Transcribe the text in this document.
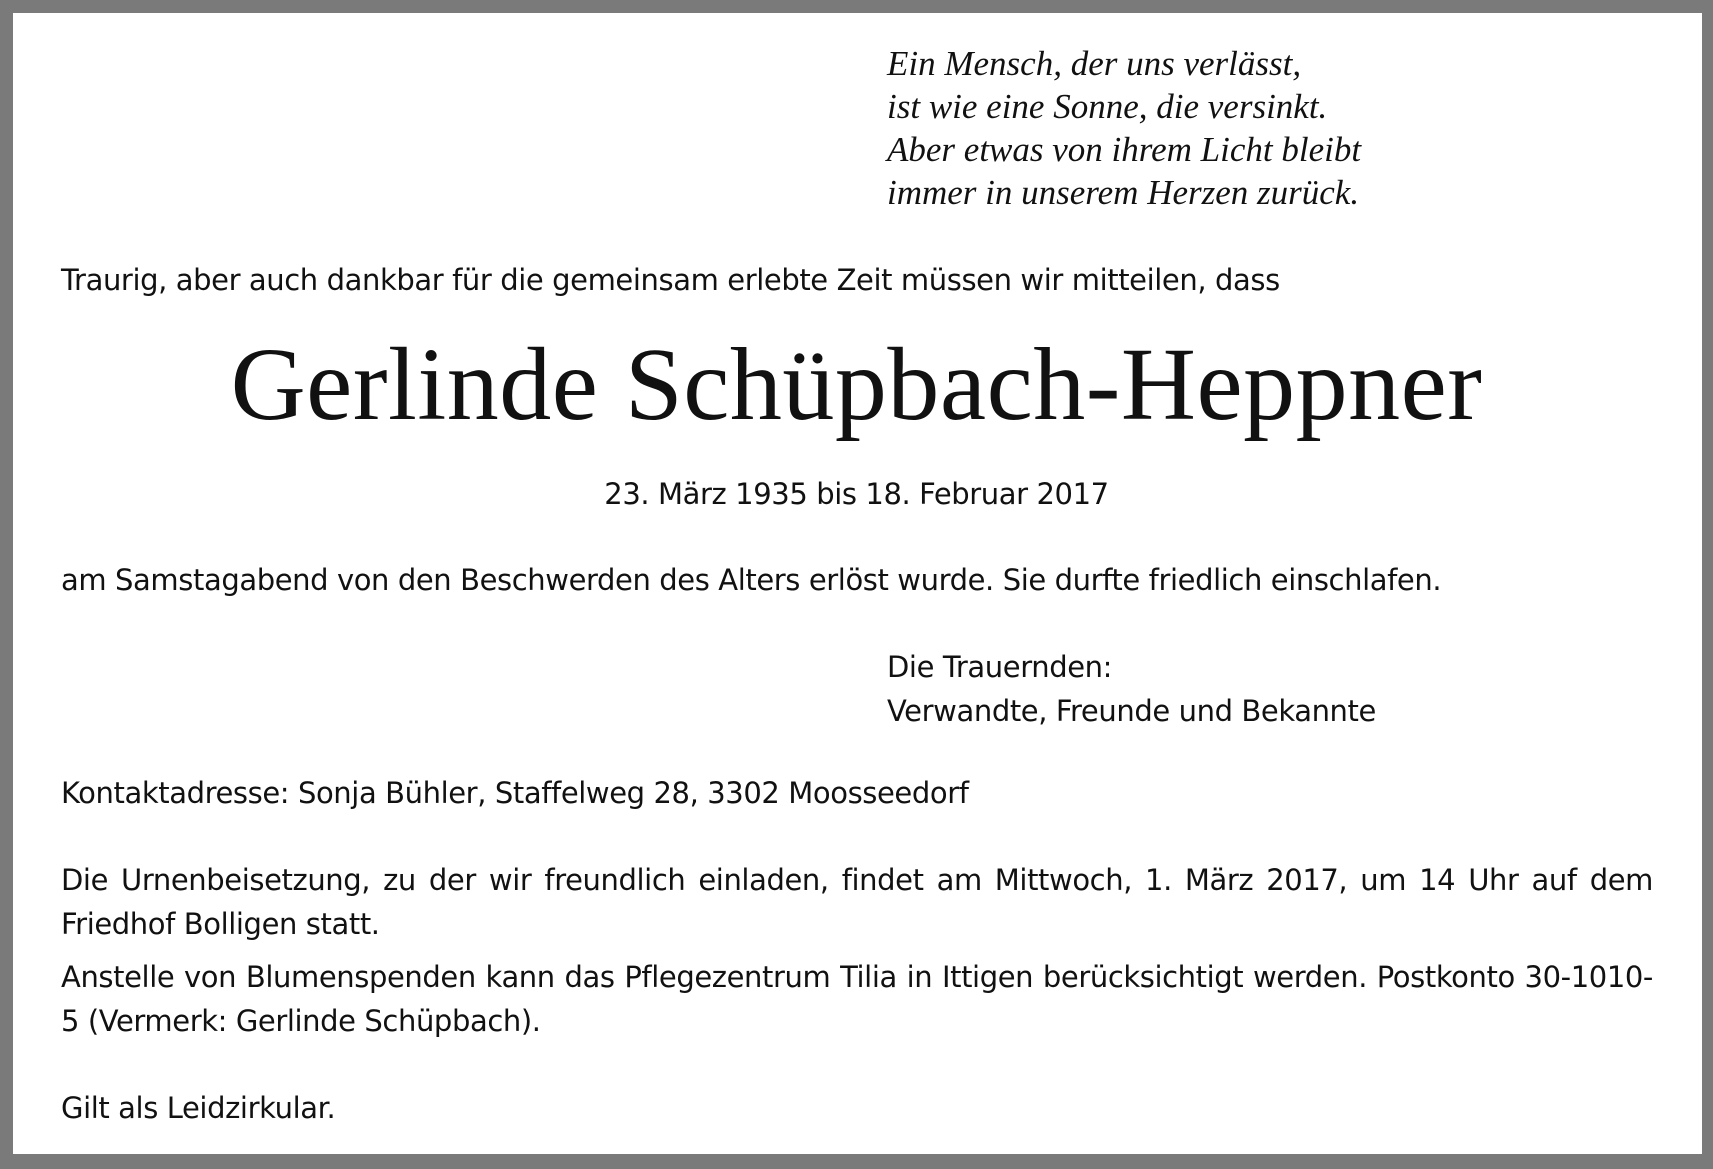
Ein Mensch, der uns verlässt,
ist wie eine Sonne, die versinkt.
Aber etwas von ihrem Licht bleibt
immer in unserem Herzen zurück.
Traurig, aber auch dankbar für die gemeinsam erlebte Zeit müssen wir mitteilen, dass
Gerlinde Schüpbach-Heppner
23. März 1935 bis 18. Februar 2017
am Samstagabend von den Beschwerden des Alters erlöst wurde. Sie durfte friedlich einschlafen.
Die Trauernden:
Verwandte, Freunde und Bekannte
Kontaktadresse: Sonja Bühler, Staffelweg 28, 3302 Moosseedorf
Die Urnenbeisetzung, zu der wir freundlich einladen, findet am Mittwoch, 1. März 2017, um 14 Uhr auf dem Friedhof Bolligen statt.
Anstelle von Blumenspenden kann das Pflegezentrum Tilia in Ittigen berücksichtigt werden. Postkonto 30-1010-5 (Vermerk: Gerlinde Schüpbach).
Gilt als Leidzirkular.
